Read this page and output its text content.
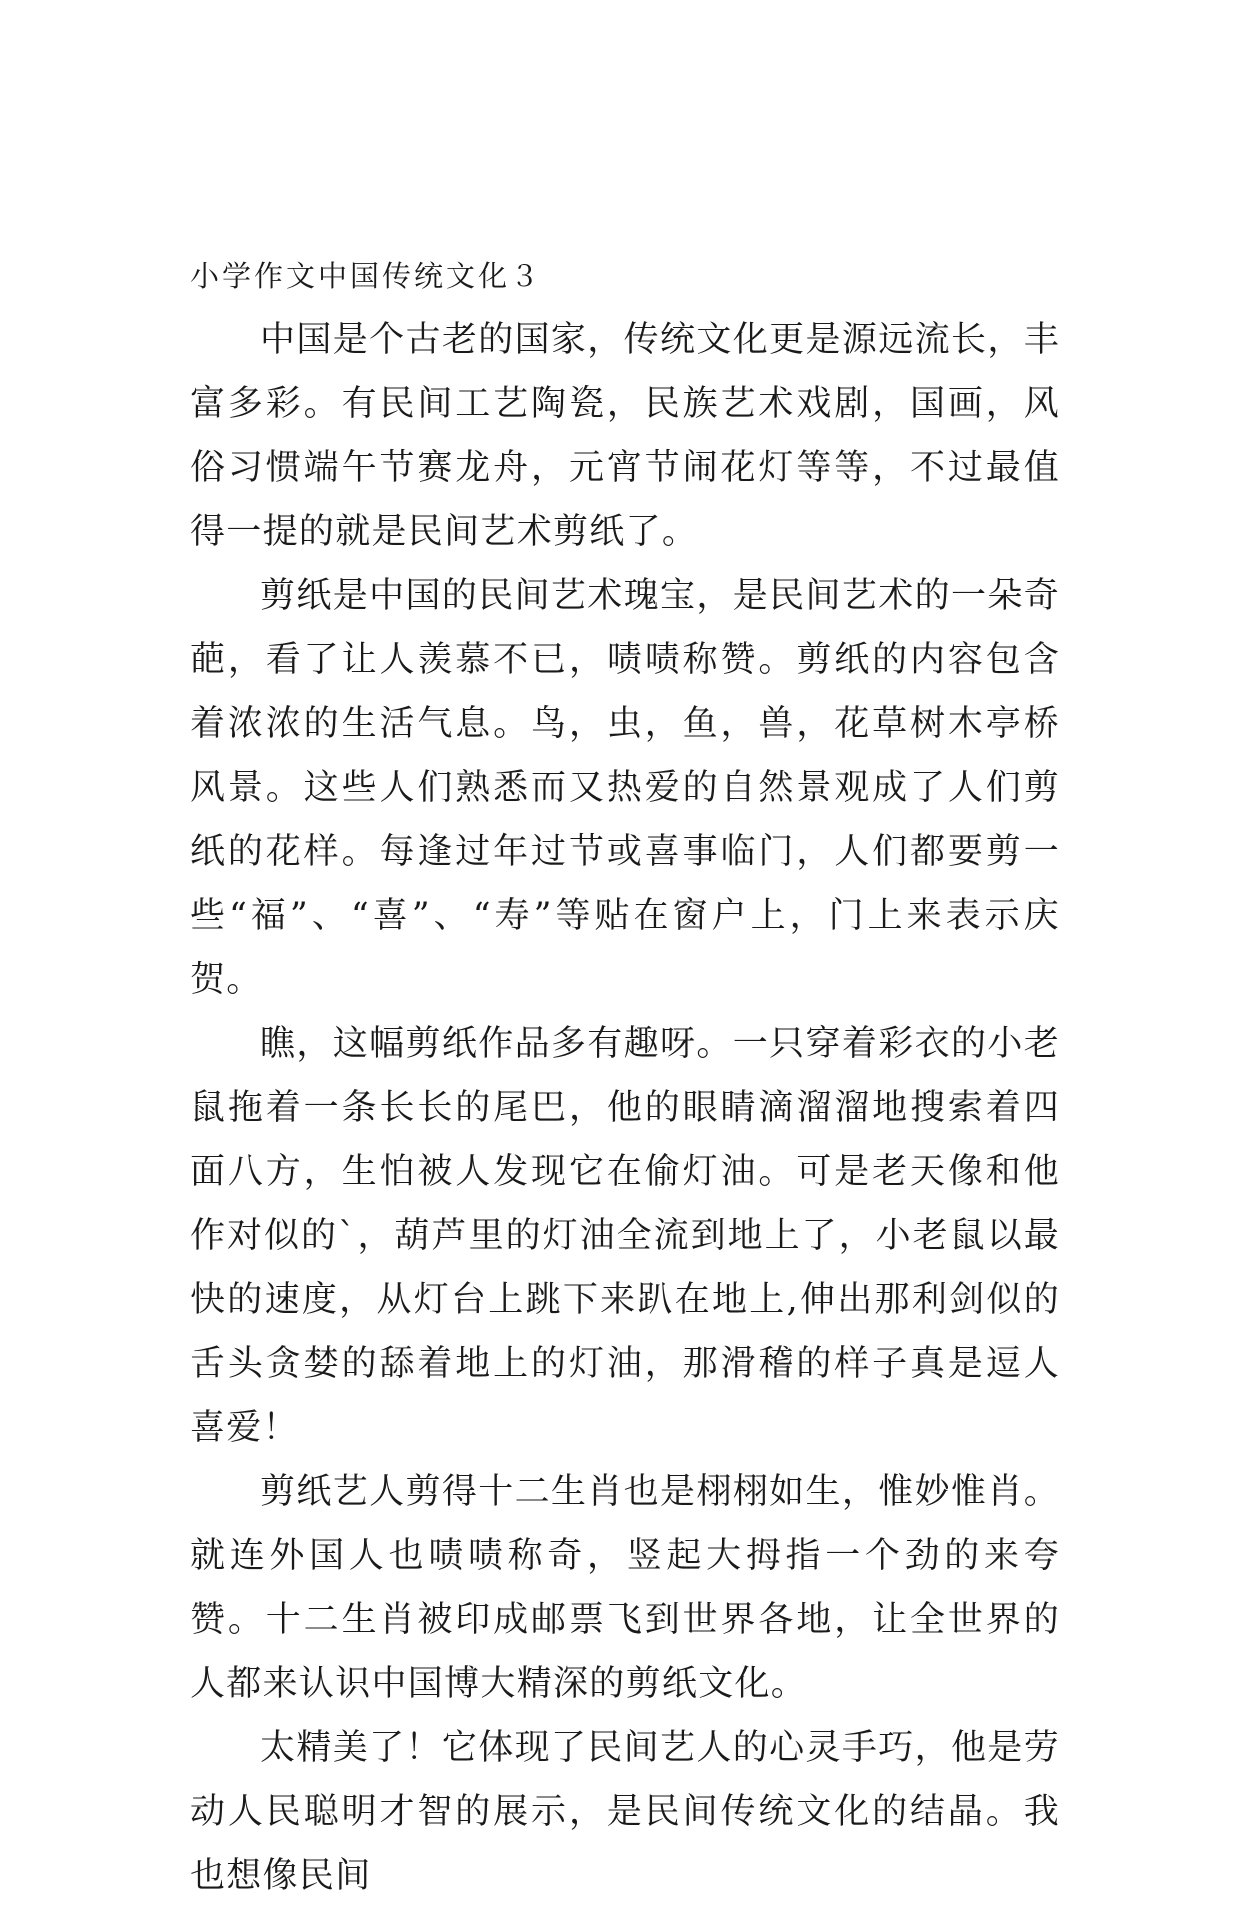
小学作文中国传统文化３

中国是个古老的国家，传统文化更是源远流长，丰富多彩。有民间工艺陶瓷，民族艺术戏剧，国画，风俗习惯端午节赛龙舟，元宵节闹花灯等等，不过最值得一提的就是民间艺术剪纸了。

剪纸是中国的民间艺术瑰宝，是民间艺术的一朵奇葩，看了让人羡慕不已，啧啧称赞。剪纸的内容包含着浓浓的生活气息。鸟，虫，鱼，兽，花草树木亭桥风景。这些人们熟悉而又热爱的自然景观成了人们剪纸的花样。每逢过年过节或喜事临门，人们都要剪一些“福”、“喜”、“寿”等贴在窗户上，门上来表示庆贺。

瞧，这幅剪纸作品多有趣呀。一只穿着彩衣的小老鼠拖着一条长长的尾巴，他的眼睛滴溜溜地搜索着四面八方，生怕被人发现它在偷灯油。可是老天像和他作对似的`，葫芦里的灯油全流到地上了，小老鼠以最快的速度，从灯台上跳下来趴在地上,伸出那利剑似的舌头贪婪的舔着地上的灯油，那滑稽的样子真是逗人喜爱！

剪纸艺人剪得十二生肖也是栩栩如生，惟妙惟肖。就连外国人也啧啧称奇，竖起大拇指一个劲的来夸赞。十二生肖被印成邮票飞到世界各地，让全世界的人都来认识中国博大精深的剪纸文化。

太精美了！它体现了民间艺人的心灵手巧，他是劳动人民聪明才智的展示，是民间传统文化的结晶。我也想像民间
